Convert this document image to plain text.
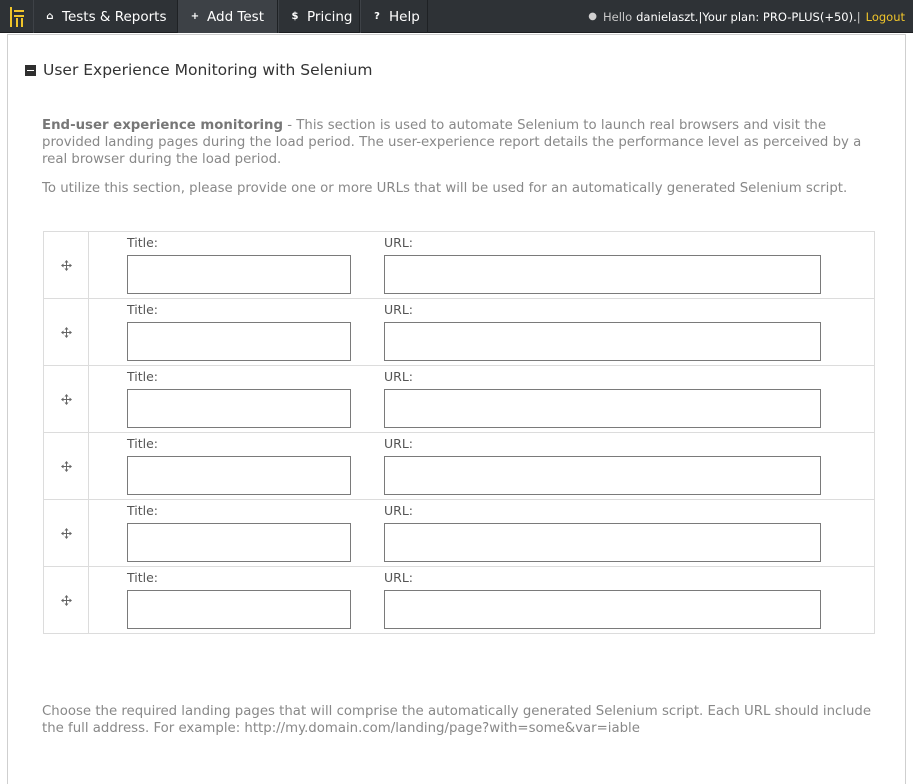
⌂ Tests & Reports + Add Test	$ Pricing ? Help	● Hello danielaszt. |Your plan: PRO-PLUS(+50). | Logout
User Experience Monitoring with Selenium

End-user experience monitoring - This section is used to automate Selenium to launch real browsers and visit the provided landing pages during the load period. The user-experience report details the performance level as perceived by a real browser during the load period.

To utilize this section, please provide one or more URLs that will be used for an automatically generated Selenium script.

Title:	URL:
Title:	URL:
Title:	URL:
Title:	URL:
Title:	URL:
Title:	URL:

Choose the required landing pages that will comprise the automatically generated Selenium script. Each URL should include the full address. For example: http://my.domain.com/landing/page?with=some&var=iable
